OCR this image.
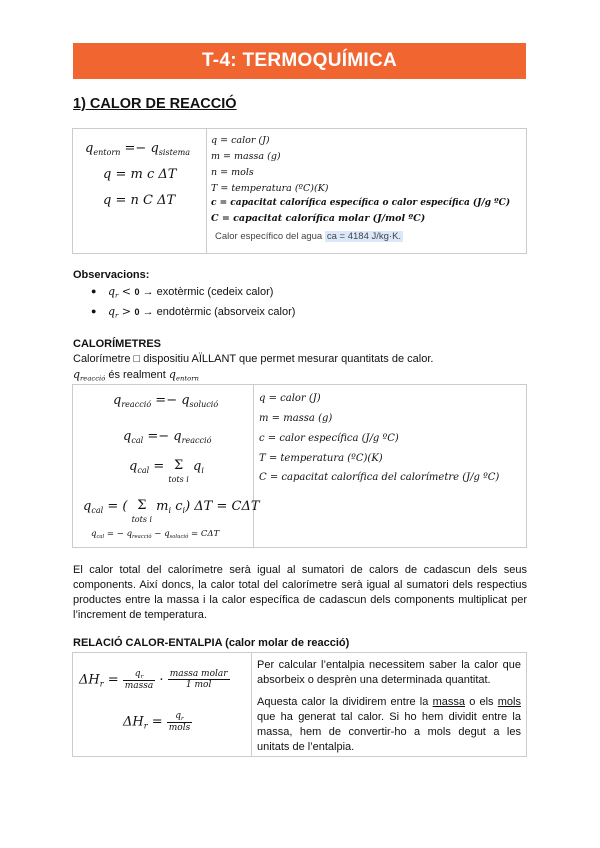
T-4: TERMOQUÍMICA
1) CALOR DE REACCIÓ
$q_{entorn} =- q_{sistema}$
q = m c ΔT
q = n C ΔT
q = calor (J)
m = massa (g)
n = mols
T = temperatura (ºC)(K)
c = capacitat calorífica específica o calor específica (J/g ºC)
C = capacitat calorífica molar (J/mol ºC)
Calor específico del agua ca = 4184 J/kg·K.
Observacions:
● $q_r < 0$ → exotèrmic (cedeix calor)
● $q_r > 0$ → endotèrmic (absorveix calor)
CALORÍMETRES
Calorímetre □ dispositiu AÏLLANT que permet mesurar quantitats de calor.
$q_{reacció}$ és realment $q_{entorn}$
$q_{reacció} =- q_{solució}$
$q_{cal} =- q_{reacció}$
$q_{cal} = \Sigma$
tots i $q_i$
$q_{cal}$ = ( Σ
tots i $m_i$ $c_i$) ΔT = CΔT
$q_{cal}$ = − $q_{reacció} - q_{solució} = C\Delta T$
q = calor (J)
m = massa (g)
c = calor específica (J/g ºC)
T = temperatura (ºC)(K)
C = capacitat calorífica del calorímetre (J/g ºC)
El calor total del calorímetre serà igual al sumatori de calors de cadascun dels seus components. Així doncs, la calor total del calorímetre serà igual al sumatori dels respectius productes entre la massa i la calor específica de cadascun dels components multiplicat per l’increment de temperatura.
RELACIÓ CALOR-ENTALPIA (calor molar de reacció)
$\Delta H_r = \frac{q_r}{\text{massa}} \cdot \frac{\text{massa molar}}{\text{1 mol}}$
$\Delta H_r = \frac{q_r}{\text{mols}}$
Per calcular l’entalpia necessitem saber la calor que absorbeix o desprèn una determinada quantitat.
Aquesta calor la dividirem entre la massa o els mols que ha generat tal calor. Si ho hem dividit entre la massa, hem de convertir-ho a mols degut a les unitats de l’entalpia.
